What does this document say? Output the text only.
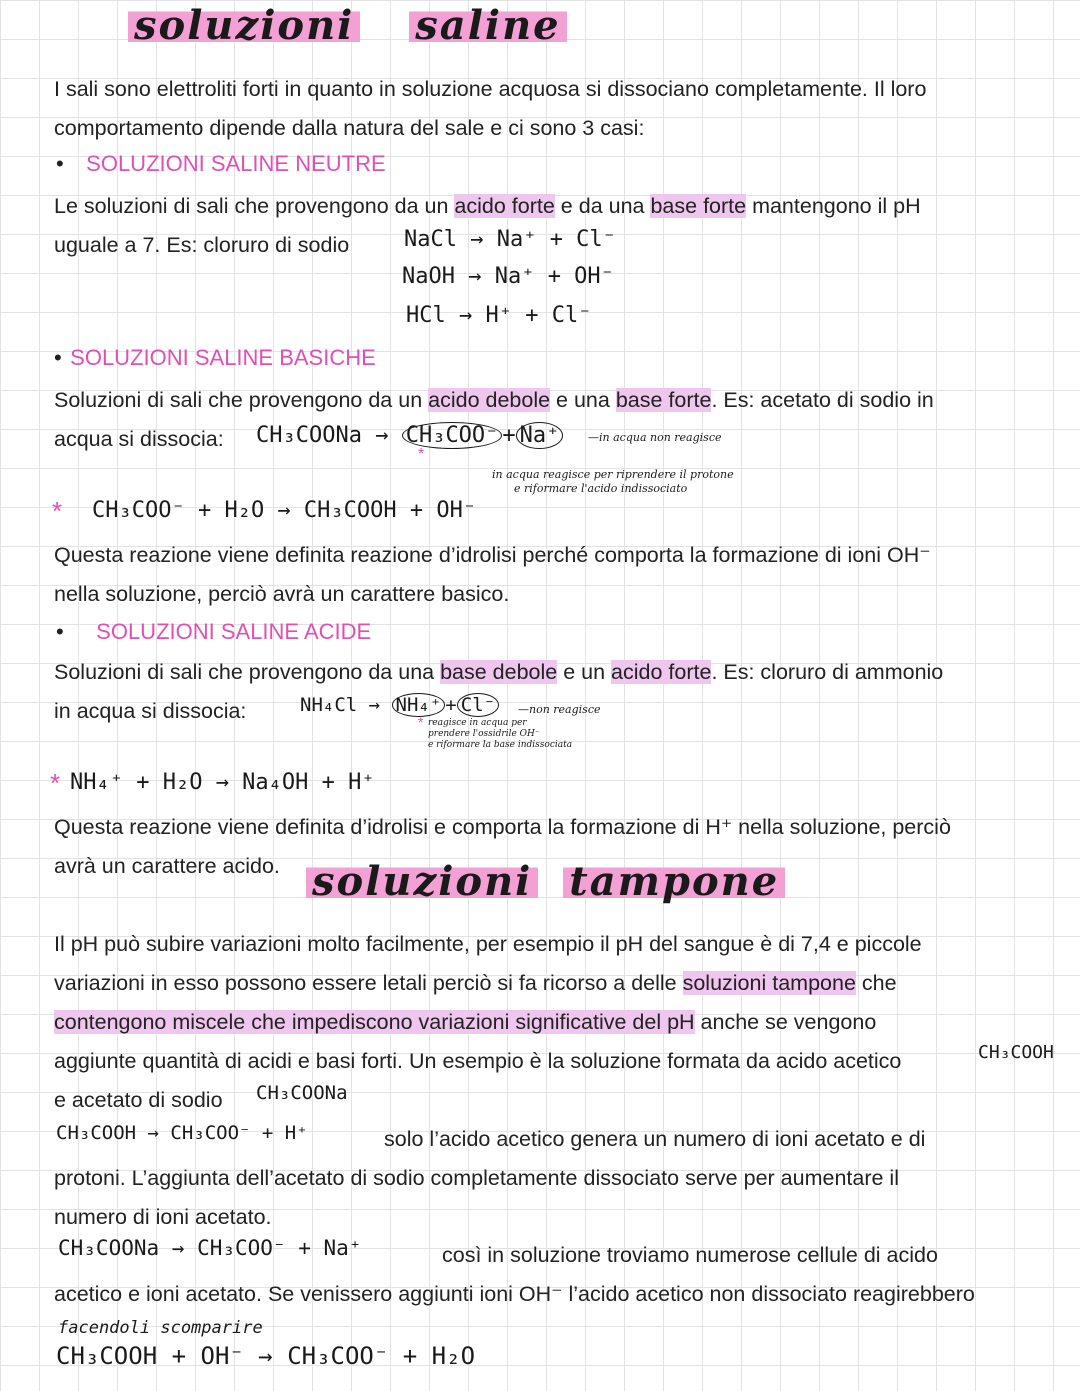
soluzioni saline
I sali sono elettroliti forti in quanto in soluzione acquosa si dissociano completamente. Il loro
comportamento dipende dalla natura del sale e ci sono 3 casi:
• SOLUZIONI SALINE NEUTRE
Le soluzioni di sali che provengono da un acido forte e da una base forte mantengono il pH
uguale a 7. Es: cloruro di sodio NaCl → Na⁺ + Cl⁻
NaOH → Na⁺ + OH⁻
HCl → H⁺ + Cl⁻
• SOLUZIONI SALINE BASICHE
Soluzioni di sali che provengono da un acido debole e una base forte. Es: acetato di sodio in
acqua si dissocia: CH₃COONa → CH₃COO⁻ + Na⁺	—in acqua non reagisce
*
in acqua reagisce per riprendere il protone
e riformare l'acido indissociato
* CH₃COO⁻ + H₂O → CH₃COOH + OH⁻
Questa reazione viene definita reazione d’idrolisi perché comporta la formazione di ioni OH⁻
nella soluzione, perciò avrà un carattere basico.
• SOLUZIONI SALINE ACIDE
Soluzioni di sali che provengono da una base debole e un acido forte. Es: cloruro di ammonio
in acqua si dissocia:	NH₄Cl → NH₄⁺ + Cl⁻	—non reagisce
* reagisce in acqua per
prendere l'ossidrile OH⁻
e riformare la base indissociata
* NH₄⁺ + H₂O → Na₄OH + H⁺
Questa reazione viene definita d’idrolisi e comporta la formazione di H⁺ nella soluzione, perciò
avrà un carattere acido. soluzioni tampone
Il pH può subire variazioni molto facilmente, per esempio il pH del sangue è di 7,4 e piccole
variazioni in esso possono essere letali perciò si fa ricorso a delle soluzioni tampone che
contengono miscele che impediscono variazioni significative del pH anche se vengono
aggiunte quantità di acidi e basi forti. Un esempio è la soluzione formata da acido acetico	CH₃COOH
e acetato di sodio CH₃COONa
CH₃COOH → CH₃COO⁻ + H⁺	solo l’acido acetico genera un numero di ioni acetato e di
protoni. L’aggiunta dell’acetato di sodio completamente dissociato serve per aumentare il
numero di ioni acetato.
CH₃COONa → CH₃COO⁻ + Na⁺	così in soluzione troviamo numerose cellule di acido
acetico e ioni acetato. Se venissero aggiunti ioni OH⁻ l’acido acetico non dissociato reagirebbero
facendoli scomparire
CH₃COOH + OH⁻ → CH₃COO⁻ + H₂O
